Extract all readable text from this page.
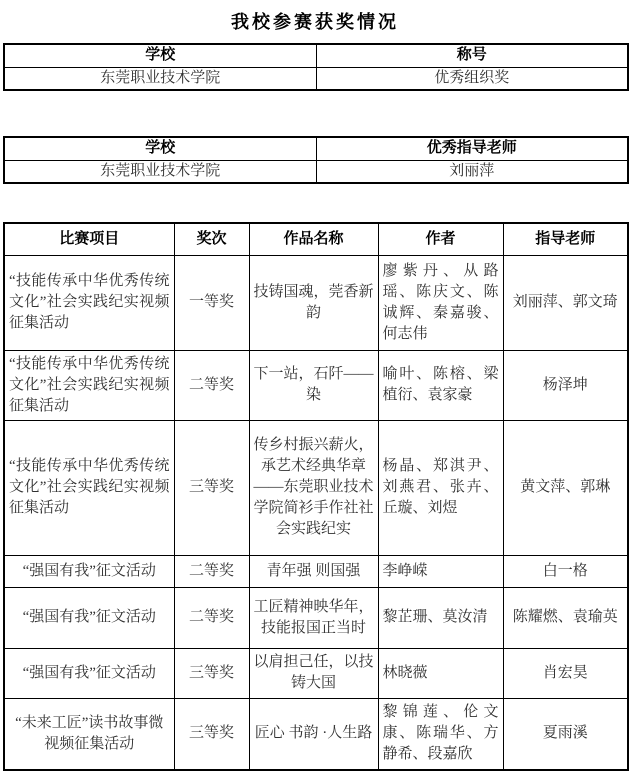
我校参赛获奖情况
学校	称号
东莞职业技术学院	优秀组织奖
学校	优秀指导老师
东莞职业技术学院	刘丽萍
比赛项目	奖次	作品名称	作者	指导老师
“技能传承中华优秀传统文化”社会实践纪实视频征集活动	一等奖	技铸国魂，莞香新韵	廖紫丹、从路瑶、陈庆文、陈诚辉、秦嘉骏、何志伟	刘丽萍、郭文琦
“技能传承中华优秀传统文化”社会实践纪实视频征集活动	二等奖	下一站，石阡——染	喻叶、陈榕、梁植衍、袁家豪	杨泽坤
“技能传承中华优秀传统文化”社会实践纪实视频征集活动	三等奖	传乡村振兴薪火，承艺术经典华章——东莞职业技术学院简衫手作社社会实践纪实	杨晶、郑淇尹、刘燕君、张卉、丘璇、刘煜	黄文萍、郭琳
“强国有我”征文活动	二等奖	青年强 则国强	李峥嵘	白一格
“强国有我”征文活动	二等奖	工匠精神映华年，技能报国正当时	黎芷珊、莫汝清	陈耀燃、袁瑜英
“强国有我”征文活动	三等奖	以肩担己任，以技铸大国	林晓薇	肖宏昊
“未来工匠”读书故事微视频征集活动	三等奖	匠心 书韵 ·人生路	黎锦莲、伦文康、陈瑞华、方静希、段嘉欣	夏雨溪
